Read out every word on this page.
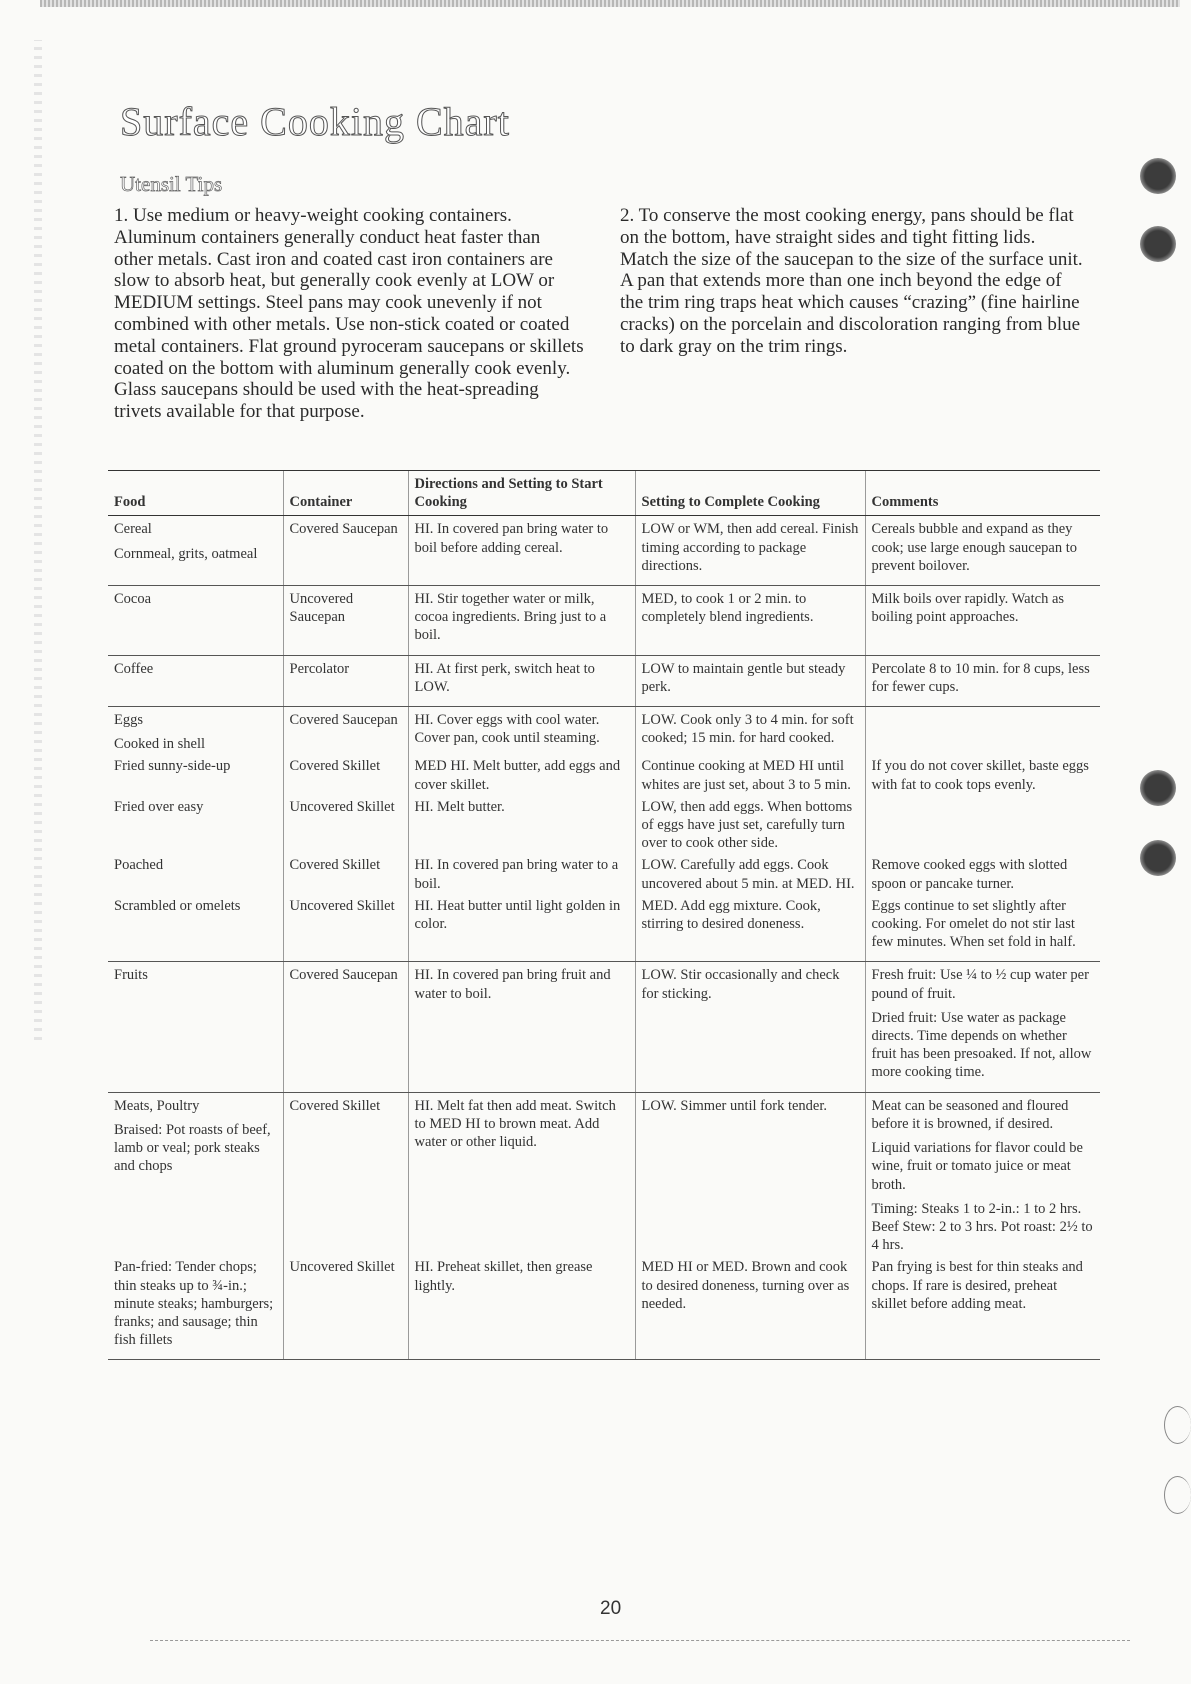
Surface Cooking Chart
Utensil Tips
1. Use medium or heavy-weight cooking containers. Aluminum containers generally conduct heat faster than other metals. Cast iron and coated cast iron containers are slow to absorb heat, but generally cook evenly at LOW or MEDIUM settings. Steel pans may cook unevenly if not combined with other metals. Use non-stick coated or coated metal containers. Flat ground pyroceram saucepans or skillets coated on the bottom with aluminum generally cook evenly. Glass saucepans should be used with the heat-spreading trivets available for that purpose.
2. To conserve the most cooking energy, pans should be flat on the bottom, have straight sides and tight fitting lids. Match the size of the saucepan to the size of the surface unit. A pan that extends more than one inch beyond the edge of the trim ring traps heat which causes “crazing” (fine hairline cracks) on the porcelain and discoloration ranging from blue to dark gray on the trim rings.
Food	Container	Directions and Setting to Start Cooking	Setting to Complete Cooking	Comments

Cereal
Cornmeal, grits, oatmeal	Covered Saucepan	HI. In covered pan bring water to boil before adding cereal.	LOW or WM, then add cereal. Finish timing according to package directions.	Cereals bubble and expand as they cook; use large enough saucepan to prevent boilover.
Cocoa	Uncovered Saucepan	HI. Stir together water or milk, cocoa ingredients. Bring just to a boil.	MED, to cook 1 or 2 min. to completely blend ingredients.	Milk boils over rapidly. Watch as boiling point approaches.
Coffee	Percolator	HI. At first perk, switch heat to LOW.	LOW to maintain gentle but steady perk.	Percolate 8 to 10 min. for 8 cups, less for fewer cups.

Eggs
Cooked in shell	Covered Saucepan	HI. Cover eggs with cool water. Cover pan, cook until steaming.	LOW. Cook only 3 to 4 min. for soft cooked; 15 min. for hard cooked.	
Fried sunny-side-up	Covered Skillet	MED HI. Melt butter, add eggs and cover skillet.	Continue cooking at MED HI until whites are just set, about 3 to 5 min.	If you do not cover skillet, baste eggs with fat to cook tops evenly.
Fried over easy	Uncovered Skillet	HI. Melt butter.	LOW, then add eggs. When bottoms of eggs have just set, carefully turn over to cook other side.	
Poached	Covered Skillet	HI. In covered pan bring water to a boil.	LOW. Carefully add eggs. Cook uncovered about 5 min. at MED. HI.	Remove cooked eggs with slotted spoon or pancake turner.
Scrambled or omelets	Uncovered Skillet	HI. Heat butter until light golden in color.	MED. Add egg mixture. Cook, stirring to desired doneness.	Eggs continue to set slightly after cooking. For omelet do not stir last few minutes. When set fold in half.
Fruits	Covered Saucepan	HI. In covered pan bring fruit and water to boil.	LOW. Stir occasionally and check for sticking.	Fresh fruit: Use ¼ to ½ cup water per pound of fruit.
Dried fruit: Use water as package directs. Time depends on whether fruit has been presoaked. If not, allow more cooking time.

Meats, Poultry
Braised: Pot roasts of beef, lamb or veal; pork steaks and chops	Covered Skillet	HI. Melt fat then add meat. Switch to MED HI to brown meat. Add water or other liquid.	LOW. Simmer until fork tender.	Meat can be seasoned and floured before it is browned, if desired.
Liquid variations for flavor could be wine, fruit or tomato juice or meat broth.
Timing: Steaks 1 to 2-in.: 1 to 2 hrs. Beef Stew: 2 to 3 hrs. Pot roast: 2½ to 4 hrs.

Pan-fried: Tender chops; thin steaks up to ¾-in.; minute steaks; hamburgers; franks; and sausage; thin fish fillets	Uncovered Skillet	HI. Preheat skillet, then grease lightly.	MED HI or MED. Brown and cook to desired doneness, turning over as needed.	Pan frying is best for thin steaks and chops. If rare is desired, preheat skillet before adding meat.
20
